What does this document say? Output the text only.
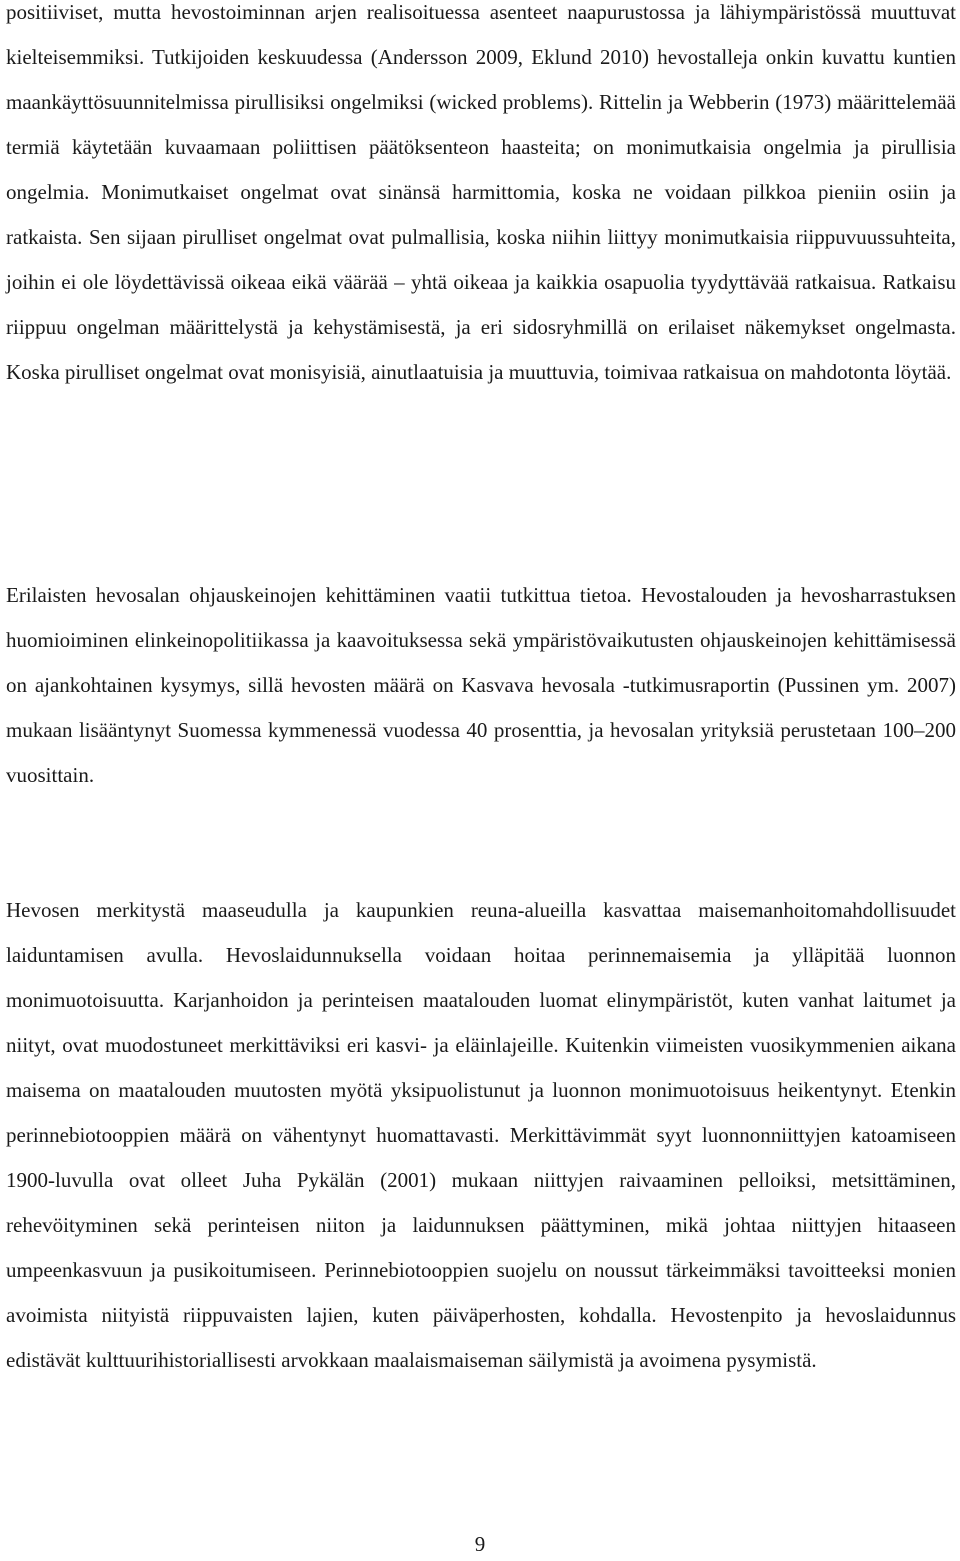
positiiviset, mutta hevostoiminnan arjen realisoituessa asenteet naapurustossa ja lähiympäristössä muuttuvat kielteisemmiksi. Tutkijoiden keskuudessa (Andersson 2009, Eklund 2010) hevostalleja onkin kuvattu kuntien maankäyttösuunnitelmissa pirullisiksi ongelmiksi (wicked problems). Rittelin ja Webberin (1973) määrittelemää termiä käytetään kuvaamaan poliittisen päätöksenteon haasteita; on monimutkaisia ongelmia ja pirullisia ongelmia. Monimutkaiset ongelmat ovat sinänsä harmittomia, koska ne voidaan pilkkoa pieniin osiin ja ratkaista. Sen sijaan pirulliset ongelmat ovat pulmallisia, koska niihin liittyy monimutkaisia riippuvuussuhteita, joihin ei ole löydettävissä oikeaa eikä väärää – yhtä oikeaa ja kaikkia osapuolia tyydyttävää ratkaisua. Ratkaisu riippuu ongelman määrittelystä ja kehystämisestä, ja eri sidosryhmillä on erilaiset näkemykset ongelmasta. Koska pirulliset ongelmat ovat monisyisiä, ainutlaatuisia ja muuttuvia, toimivaa ratkaisua on mahdotonta löytää.

Erilaisten hevosalan ohjauskeinojen kehittäminen vaatii tutkittua tietoa. Hevostalouden ja hevosharrastuksen huomioiminen elinkeinopolitiikassa ja kaavoituksessa sekä ympäristövaikutusten ohjauskeinojen kehittämisessä on ajankohtainen kysymys, sillä hevosten määrä on Kasvava hevosala -tutkimusraportin (Pussinen ym. 2007) mukaan lisääntynyt Suomessa kymmenessä vuodessa 40 prosenttia, ja hevosalan yrityksiä perustetaan 100–200 vuosittain.

Hevosen merkitystä maaseudulla ja kaupunkien reuna-alueilla kasvattaa maisemanhoitomahdollisuudet laiduntamisen avulla. Hevoslaidunnuksella voidaan hoitaa perinnemaisemia ja ylläpitää luonnon monimuotoisuutta. Karjanhoidon ja perinteisen maatalouden luomat elinympäristöt, kuten vanhat laitumet ja niityt, ovat muodostuneet merkittäviksi eri kasvi- ja eläinlajeille. Kuitenkin viimeisten vuosikymmenien aikana maisema on maatalouden muutosten myötä yksipuolistunut ja luonnon monimuotoisuus heikentynyt. Etenkin perinnebiotooppien määrä on vähentynyt huomattavasti. Merkittävimmät syyt luonnonniittyjen katoamiseen 1900-luvulla ovat olleet Juha Pykälän (2001) mukaan niittyjen raivaaminen pelloiksi, metsittäminen, rehevöityminen sekä perinteisen niiton ja laidunnuksen päättyminen, mikä johtaa niittyjen hitaaseen umpeenkasvuun ja pusikoitumiseen. Perinnebiotooppien suojelu on noussut tärkeimmäksi tavoitteeksi monien avoimista niityistä riippuvaisten lajien, kuten päiväperhosten, kohdalla. Hevostenpito ja hevoslaidunnus edistävät kulttuurihistoriallisesti arvokkaan maalaismaiseman säilymistä ja avoimena pysymistä.

9
